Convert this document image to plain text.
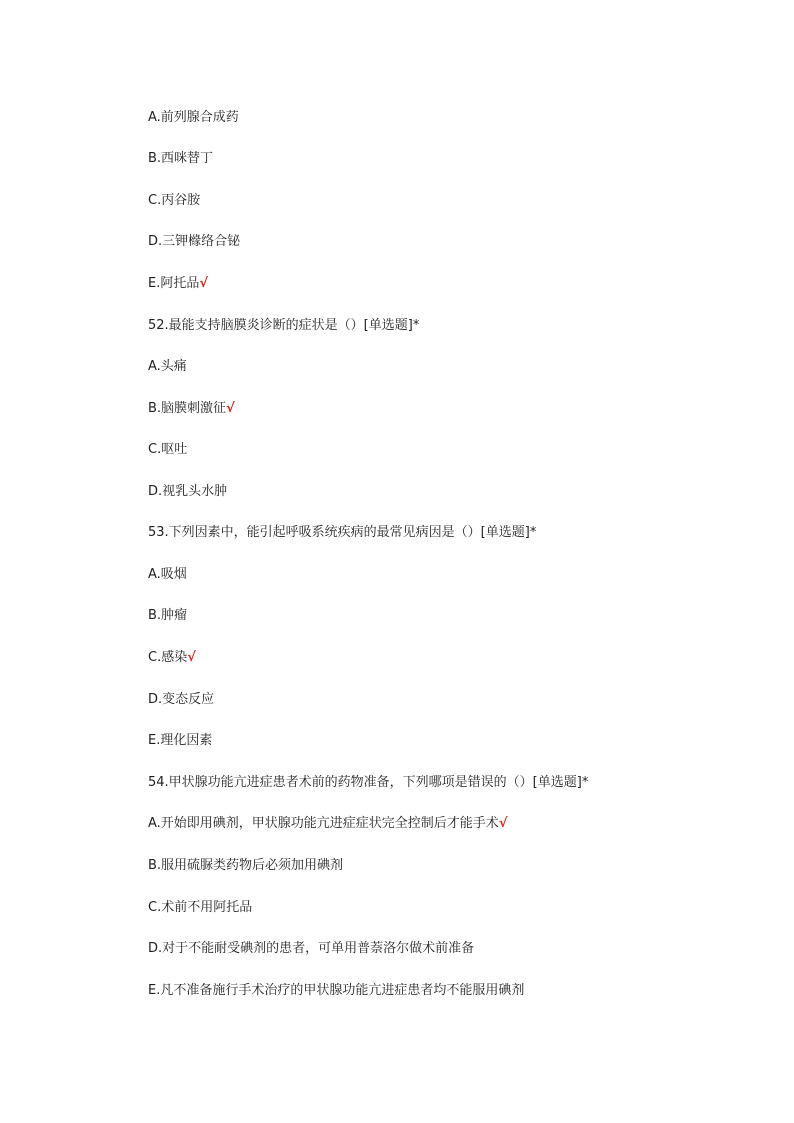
A.前列腺合成药
B.西咪替丁
C.丙谷胺
D.三钾橼络合铋
E.阿托品√
52.最能支持脑膜炎诊断的症状是（）[单选题]*
A.头痛
B.脑膜刺激征√
C.呕吐
D.视乳头水肿
53.下列因素中，能引起呼吸系统疾病的最常见病因是（）[单选题]*
A.吸烟
B.肿瘤
C.感染√
D.变态反应
E.理化因素
54.甲状腺功能亢进症患者术前的药物准备，下列哪项是错误的（）[单选题]*
A.开始即用碘剂，甲状腺功能亢进症症状完全控制后才能手术√
B.服用硫脲类药物后必须加用碘剂
C.术前不用阿托品
D.对于不能耐受碘剂的患者，可单用普萘洛尔做术前准备
E.凡不准备施行手术治疗的甲状腺功能亢进症患者均不能服用碘剂
